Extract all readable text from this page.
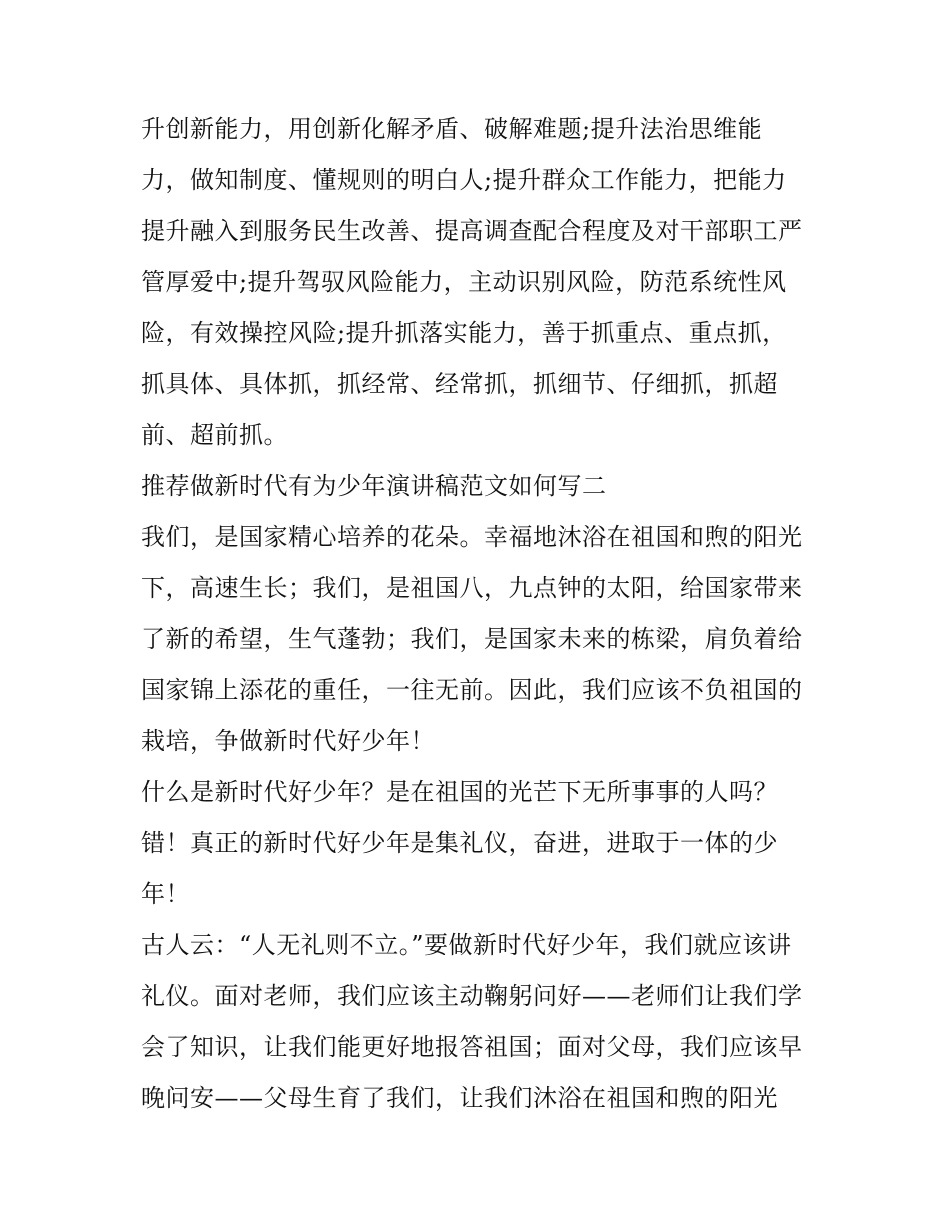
升创新能力，用创新化解矛盾、破解难题;提升法治思维能
力，做知制度、懂规则的明白人;提升群众工作能力，把能力
提升融入到服务民生改善、提高调查配合程度及对干部职工严
管厚爱中;提升驾驭风险能力，主动识别风险，防范系统性风
险，有效操控风险;提升抓落实能力，善于抓重点、重点抓，
抓具体、具体抓，抓经常、经常抓，抓细节、仔细抓，抓超
前、超前抓。
推荐做新时代有为少年演讲稿范文如何写二
我们，是国家精心培养的花朵。幸福地沐浴在祖国和煦的阳光
下，高速生长；我们，是祖国八，九点钟的太阳，给国家带来
了新的希望，生气蓬勃；我们，是国家未来的栋梁，肩负着给
国家锦上添花的重任，一往无前。因此，我们应该不负祖国的
栽培，争做新时代好少年！
什么是新时代好少年？是在祖国的光芒下无所事事的人吗？
错！真正的新时代好少年是集礼仪，奋进，进取于一体的少
年！
古人云：“人无礼则不立。”要做新时代好少年，我们就应该讲
礼仪。面对老师，我们应该主动鞠躬问好——老师们让我们学
会了知识，让我们能更好地报答祖国；面对父母，我们应该早
晚问安——父母生育了我们，让我们沐浴在祖国和煦的阳光
